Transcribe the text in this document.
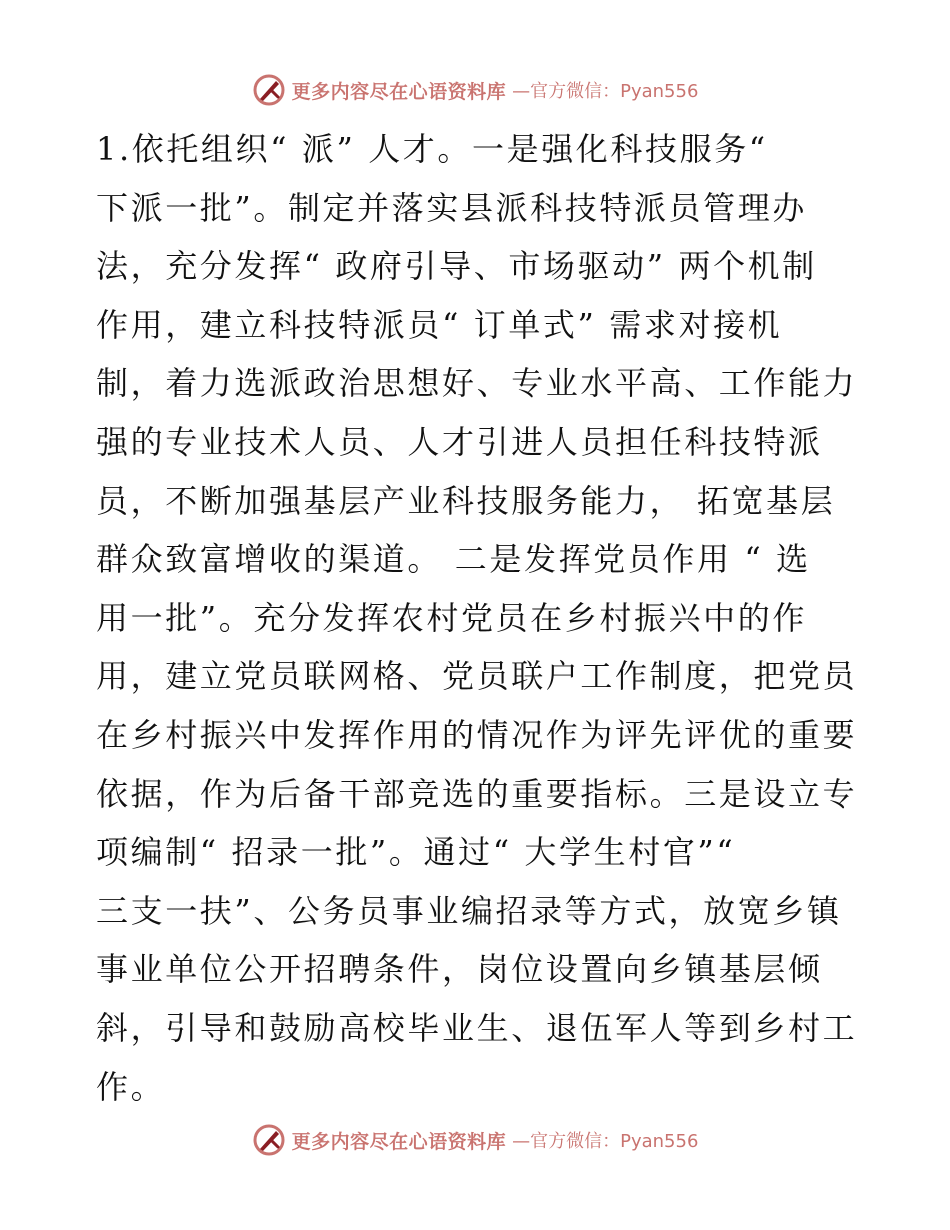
更多内容尽在心语资料库 —官方微信：Pyan556
1.依托组织“ 派” 人才。一是强化科技服务“
下派一批”。制定并落实县派科技特派员管理办
法，充分发挥“ 政府引导、市场驱动” 两个机制
作用，建立科技特派员“ 订单式” 需求对接机
制，着力选派政治思想好、专业水平高、工作能力
强的专业技术人员、人才引进人员担任科技特派
员，不断加强基层产业科技服务能力， 拓宽基层
群众致富增收的渠道。 二是发挥党员作用 “ 选
用一批”。充分发挥农村党员在乡村振兴中的作
用，建立党员联网格、党员联户工作制度，把党员
在乡村振兴中发挥作用的情况作为评先评优的重要
依据，作为后备干部竞选的重要指标。三是设立专
项编制“ 招录一批”。通过“ 大学生村官”“
三支一扶”、公务员事业编招录等方式，放宽乡镇
事业单位公开招聘条件，岗位设置向乡镇基层倾
斜，引导和鼓励高校毕业生、退伍军人等到乡村工
作。
更多内容尽在心语资料库 —官方微信：Pyan556
